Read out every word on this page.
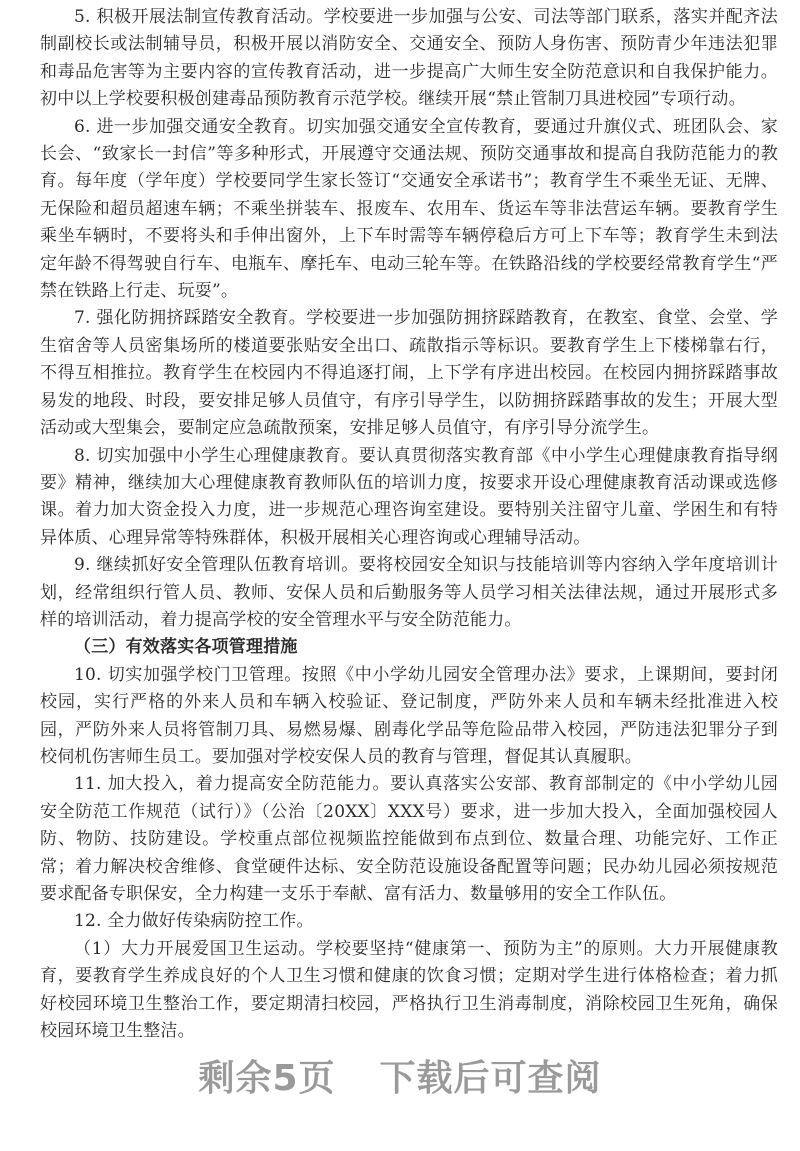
5. 积极开展法制宣传教育活动。学校要进一步加强与公安、司法等部门联系，落实并配齐法制副校长或法制辅导员，积极开展以消防安全、交通安全、预防人身伤害、预防青少年违法犯罪和毒品危害等为主要内容的宣传教育活动，进一步提高广大师生安全防范意识和自我保护能力。初中以上学校要积极创建毒品预防教育示范学校。继续开展“禁止管制刀具进校园”专项行动。

6. 进一步加强交通安全教育。切实加强交通安全宣传教育，要通过升旗仪式、班团队会、家长会、“致家长一封信”等多种形式，开展遵守交通法规、预防交通事故和提高自我防范能力的教育。每年度（学年度）学校要同学生家长签订“交通安全承诺书”；教育学生不乘坐无证、无牌、无保险和超员超速车辆；不乘坐拼装车、报废车、农用车、货运车等非法营运车辆。要教育学生乘坐车辆时，不要将头和手伸出窗外，上下车时需等车辆停稳后方可上下车等；教育学生未到法定年龄不得驾驶自行车、电瓶车、摩托车、电动三轮车等。在铁路沿线的学校要经常教育学生“严禁在铁路上行走、玩耍”。

7. 强化防拥挤踩踏安全教育。学校要进一步加强防拥挤踩踏教育，在教室、食堂、会堂、学生宿舍等人员密集场所的楼道要张贴安全出口、疏散指示等标识。要教育学生上下楼梯靠右行，不得互相推拉。教育学生在校园内不得追逐打闹，上下学有序进出校园。在校园内拥挤踩踏事故易发的地段、时段，要安排足够人员值守，有序引导学生，以防拥挤踩踏事故的发生；开展大型活动或大型集会，要制定应急疏散预案，安排足够人员值守，有序引导分流学生。

8. 切实加强中小学生心理健康教育。要认真贯彻落实教育部《中小学生心理健康教育指导纲要》精神，继续加大心理健康教育教师队伍的培训力度，按要求开设心理健康教育活动课或选修课。着力加大资金投入力度，进一步规范心理咨询室建设。要特别关注留守儿童、学困生和有特异体质、心理异常等特殊群体，积极开展相关心理咨询或心理辅导活动。

9. 继续抓好安全管理队伍教育培训。要将校园安全知识与技能培训等内容纳入学年度培训计划，经常组织行管人员、教师、安保人员和后勤服务等人员学习相关法律法规，通过开展形式多样的培训活动，着力提高学校的安全管理水平与安全防范能力。

（三）有效落实各项管理措施

10. 切实加强学校门卫管理。按照《中小学幼儿园安全管理办法》要求，上课期间，要封闭校园，实行严格的外来人员和车辆入校验证、登记制度，严防外来人员和车辆未经批准进入校园，严防外来人员将管制刀具、易燃易爆、剧毒化学品等危险品带入校园，严防违法犯罪分子到校伺机伤害师生员工。要加强对学校安保人员的教育与管理，督促其认真履职。

11. 加大投入，着力提高安全防范能力。要认真落实公安部、教育部制定的《中小学幼儿园安全防范工作规范（试行）》（公治〔20XX〕XXX号）要求，进一步加大投入，全面加强校园人防、物防、技防建设。学校重点部位视频监控能做到布点到位、数量合理、功能完好、工作正常；着力解决校舍维修、食堂硬件达标、安全防范设施设备配置等问题；民办幼儿园必须按规范要求配备专职保安，全力构建一支乐于奉献、富有活力、数量够用的安全工作队伍。

12. 全力做好传染病防控工作。

（1）大力开展爱国卫生运动。学校要坚持“健康第一、预防为主”的原则。大力开展健康教育，要教育学生养成良好的个人卫生习惯和健康的饮食习惯；定期对学生进行体格检查；着力抓好校园环境卫生整治工作，要定期清扫校园，严格执行卫生消毒制度，消除校园卫生死角，确保校园环境卫生整洁。

剩余5页 下载后可查阅
